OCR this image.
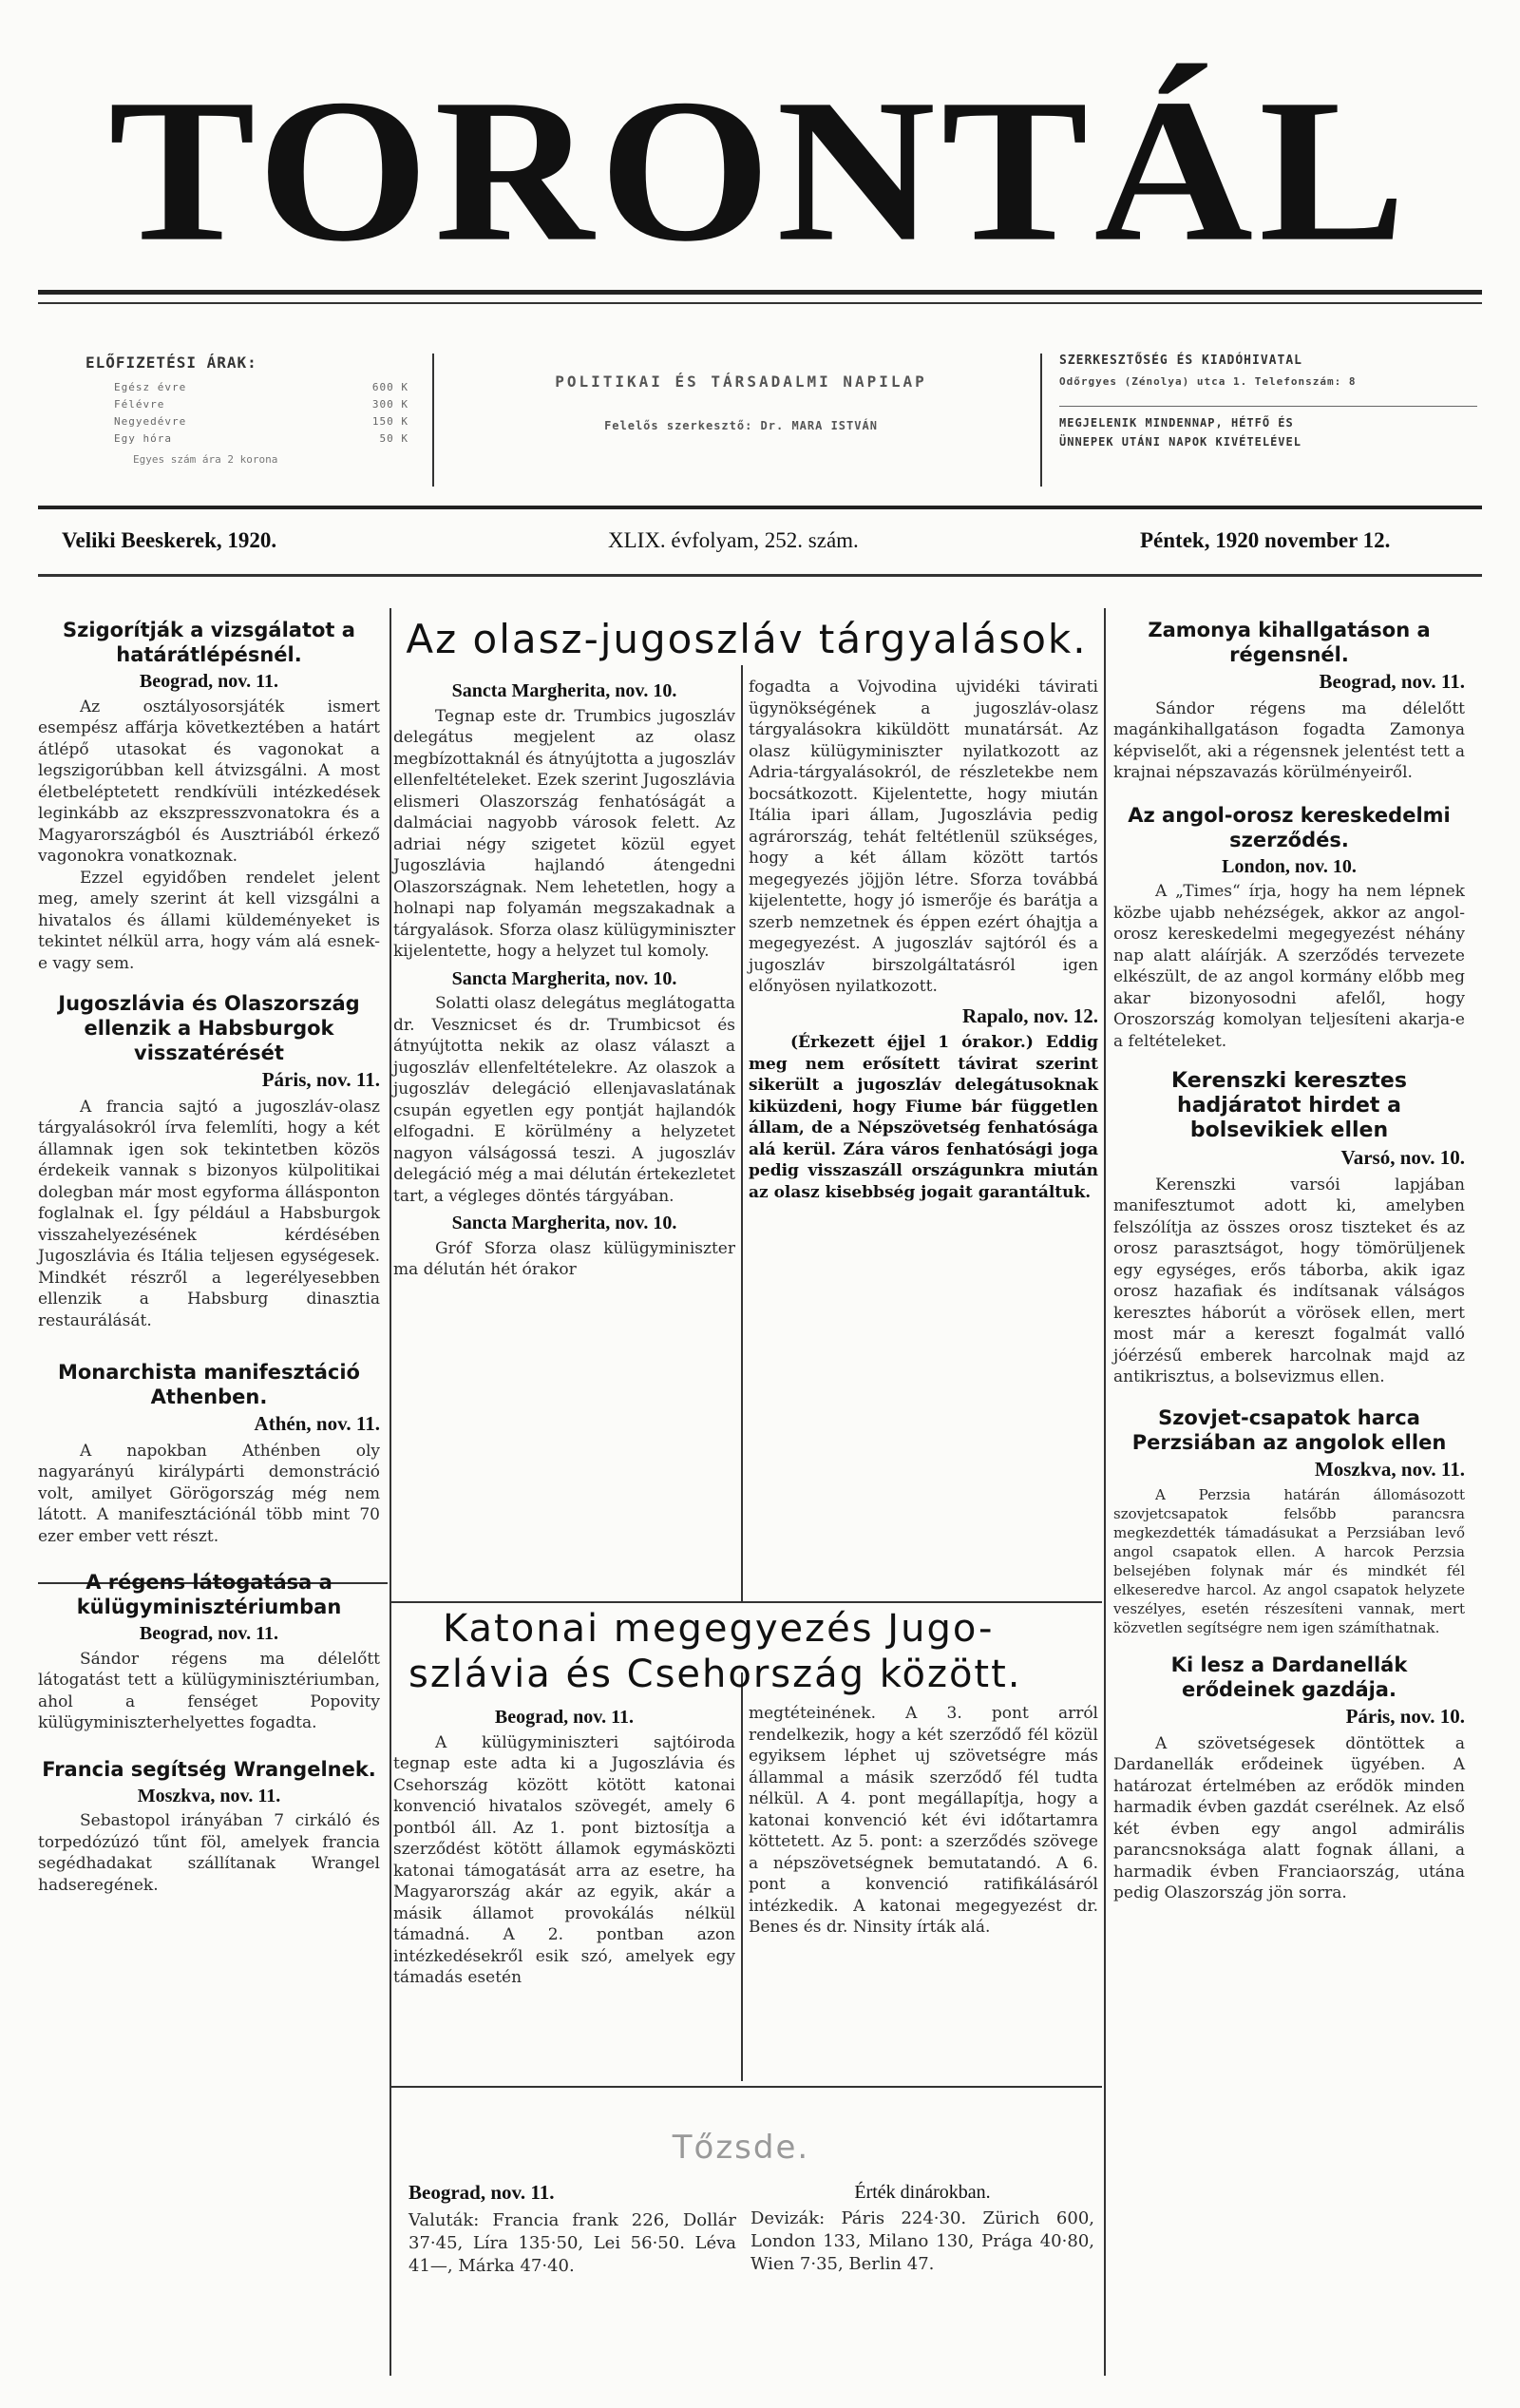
TORONTÁL
ELŐFIZETÉSI ÁRAK:
Egész évre	600 K
Félévre	300 K
Negyedévre	150 K
Egy hóra	50 K
Egyes szám ára 2 korona
POLITIKAI ÉS TÁRSADALMI NAPILAP
Felelős szerkesztő: Dr. MARA ISTVÁN
SZERKESZTŐSÉG ÉS KIADÓHIVATAL
Odőrgyes (Zénolya) utca 1. Telefonszám: 8
MEGJELENIK MINDENNAP, HÉTFŐ ÉS
ÜNNEPEK UTÁNI NAPOK KIVÉTELÉVEL
Veliki Beeskerek, 1920.	XLIX. évfolyam, 252. szám.	Péntek, 1920 november 12.
Szigorítják a vizsgálatot a határátlépésnél.
Beograd, nov. 11.

Az osztályosorsjáték ismert esempész affárja következtében a határt átlépő utasokat és vagonokat a legszigorúbban kell átvizsgálni. A most életbeléptetett rendkívüli intézkedések leginkább az ekszpresszvonatokra és a Magyarországból és Ausztriából érkező vagonokra vonatkoznak.

Ezzel egyidőben rendelet jelent meg, amely szerint át kell vizsgálni a hivatalos és állami küldeményeket is tekintet nélkül arra, hogy vám alá esnek-e vagy sem.

Jugoszlávia és Olaszország ellenzik a Habsburgok visszatérését
Páris, nov. 11.

A francia sajtó a jugoszláv-olasz tárgyalásokról írva felemlíti, hogy a két államnak igen sok tekintetben közös érdekeik vannak s bizonyos külpolitikai dolegban már most egyforma állásponton foglalnak el. Így például a Habsburgok visszahelyezésének kérdésében Jugoszlávia és Itália teljesen egységesek. Mindkét részről a legerélyesebben ellenzik a Habsburg dinasztia restaurálását.

Monarchista manifesztáció Athenben.
Athén, nov. 11.

A napokban Athénben oly nagyarányú királypárti demonstráció volt, amilyet Görögország még nem látott. A manifesztációnál több mint 70 ezer ember vett részt.

A régens látogatása a külügyminisztériumban
Beograd, nov. 11.

Sándor régens ma délelőtt látogatást tett a külügyminisztériumban, ahol a fenséget Popovity külügyminiszterhelyettes fogadta.

Francia segítség Wrangelnek.
Moszkva, nov. 11.

Sebastopol irányában 7 cirkáló és torpedózúzó tűnt föl, amelyek francia segédhadakat szállítanak Wrangel hadseregének.

Az olasz-jugoszláv tárgyalások.
Sancta Margherita, nov. 10.

Tegnap este dr. Trumbics jugoszláv delegátus megjelent az olasz megbízottaknál és átnyújtotta a jugoszláv ellenfeltételeket. Ezek szerint Jugoszlávia elismeri Olaszország fenhatóságát a dalmáciai nagyobb városok felett. Az adriai négy szigetet közül egyet Jugoszlávia hajlandó átengedni Olaszországnak. Nem lehetetlen, hogy a holnapi nap folyamán megszakadnak a tárgyalások. Sforza olasz külügyminiszter kijelentette, hogy a helyzet tul komoly.

Sancta Margherita, nov. 10.

Solatti olasz delegátus meglátogatta dr. Vesznicset és dr. Trumbicsot és átnyújtotta nekik az olasz választ a jugoszláv ellenfeltételekre. Az olaszok a jugoszláv delegáció ellenjavaslatának csupán egyetlen egy pontját hajlandók elfogadni. E körülmény a helyzetet nagyon válságossá teszi. A jugoszláv delegáció még a mai délután értekezletet tart, a végleges döntés tárgyában.

Sancta Margherita, nov. 10.

Gróf Sforza olasz külügyminiszter ma délután hét órakor

fogadta a Vojvodina ujvidéki távirati ügynökségének a jugoszláv-olasz tárgyalásokra kiküldött munatársát. Az olasz külügyminiszter nyilatkozott az Adria-tárgyalásokról, de részletekbe nem bocsátkozott. Kijelentette, hogy miután Itália ipari állam, Jugoszlávia pedig agrárország, tehát feltétlenül szükséges, hogy a két állam között tartós megegyezés jöjjön létre. Sforza továbbá kijelentette, hogy jó ismerője és barátja a szerb nemzetnek és éppen ezért óhajtja a megegyezést. A jugoszláv sajtóról és a jugoszláv birszolgáltatásról igen előnyösen nyilatkozott.

Rapalo, nov. 12.

(Érkezett éjjel 1 órakor.) Eddig meg nem erősített távirat szerint sikerült a jugoszláv delegátusoknak kiküzdeni, hogy Fiume bár független állam, de a Népszövetség fenhatósága alá kerül. Zára város fenhatósági joga pedig visszaszáll országunkra miután az olasz kisebbség jogait garantáltuk.

Katonai megegyezés Jugo-
szlávia és Csehország között.
Beograd, nov. 11.

A külügyminiszteri sajtóiroda tegnap este adta ki a Jugoszlávia és Csehország között kötött katonai konvenció hivatalos szövegét, amely 6 pontból áll. Az 1. pont biztosítja a szerződést kötött államok egymásközti katonai támogatását arra az esetre, ha Magyarország akár az egyik, akár a másik államot provokálás nélkül támadná. A 2. pontban azon intézkedésekről esik szó, amelyek egy támadás esetén

megtéteinének. A 3. pont arról rendelkezik, hogy a két szerződő fél közül egyiksem léphet uj szövetségre más állammal a másik szerződő fél tudta nélkül. A 4. pont megállapítja, hogy a katonai konvenció két évi időtartamra köttetett. Az 5. pont: a szerződés szövege a népszövetségnek bemutatandó. A 6. pont a konvenció ratifikálásáról intézkedik. A katonai megegyezést dr. Benes és dr. Ninsity írták alá.

Tőzsde.
Beograd, nov. 11.

Valuták: Francia frank 226, Dollár 37·45, Líra 135·50, Lei 56·50. Léva 41—, Márka 47·40.

Érték dinárokban.

Devizák: Páris 224·30. Zürich 600, London 133, Milano 130, Prága 40·80, Wien 7·35, Berlin 47.

Zamonya kihallgatáson a régensnél.
Beograd, nov. 11.

Sándor régens ma délelőtt magánkihallgatáson fogadta Zamonya képviselőt, aki a régensnek jelentést tett a krajnai népszavazás körülményeiről.

Az angol-orosz kereskedelmi szerződés.
London, nov. 10.

A „Times“ írja, hogy ha nem lépnek közbe ujabb nehézségek, akkor az angol-orosz kereskedelmi megegyezést néhány nap alatt aláírják. A szerződés tervezete elkészült, de az angol kormány előbb meg akar bizonyosodni afelől, hogy Oroszország komolyan teljesíteni akarja-e a feltételeket.

Kerenszki keresztes hadjáratot hirdet a bolsevikiek ellen
Varsó, nov. 10.

Kerenszki varsói lapjában manifesztumot adott ki, amelyben felszólítja az összes orosz tiszteket és az orosz parasztságot, hogy tömörüljenek egy egységes, erős táborba, akik igaz orosz hazafiak és indítsanak válságos keresztes háborút a vörösek ellen, mert most már a kereszt fogalmát valló jóérzésű emberek harcolnak majd az antikrisztus, a bolsevizmus ellen.

Szovjet-csapatok harca Perzsiában az angolok ellen
Moszkva, nov. 11.

A Perzsia határán állomásozott szovjetcsapatok felsőbb parancsra megkezdették támadásukat a Perzsiában levő angol csapatok ellen. A harcok Perzsia belsejében folynak már és mindkét fél elkeseredve harcol. Az angol csapatok helyzete veszélyes, esetén részesíteni vannak, mert közvetlen segítségre nem igen számíthatnak.

Ki lesz a Dardanellák erődeinek gazdája.
Páris, nov. 10.

A szövetségesek döntöttek a Dardanellák erődeinek ügyében. A határozat értelmében az erődök minden harmadik évben gazdát cserélnek. Az első két évben egy angol admirális parancsnoksága alatt fognak állani, a harmadik évben Franciaország, utána pedig Olaszország jön sorra.
